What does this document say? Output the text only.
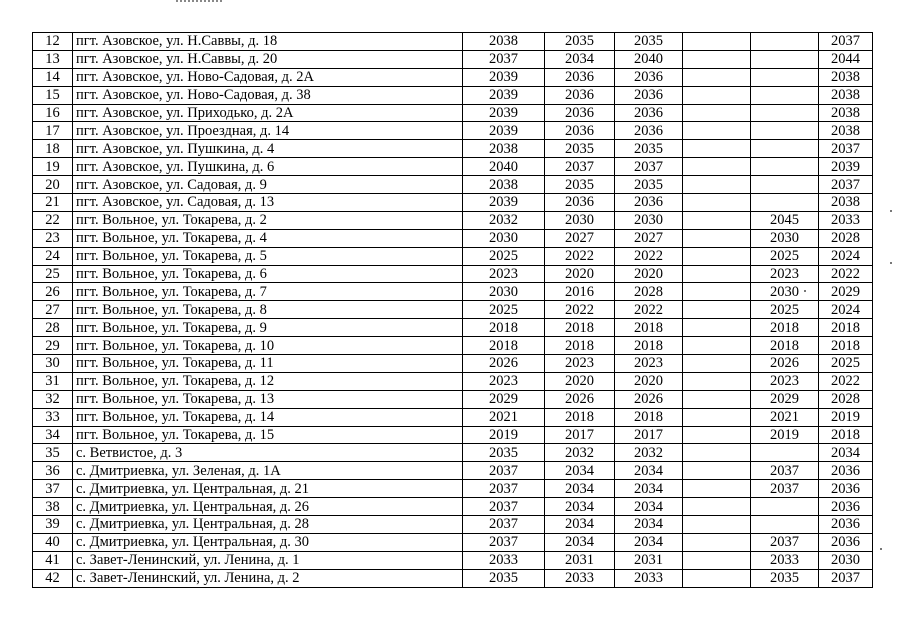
12	пгт. Азовское, ул. Н.Саввы, д. 18	2038	2035	2035			2037
13	пгт. Азовское, ул. Н.Саввы, д. 20	2037	2034	2040			2044
14	пгт. Азовское, ул. Ново-Садовая, д. 2А	2039	2036	2036			2038
15	пгт. Азовское, ул. Ново-Садовая, д. 38	2039	2036	2036			2038
16	пгт. Азовское, ул. Приходько, д. 2А	2039	2036	2036			2038
17	пгт. Азовское, ул. Проездная, д. 14	2039	2036	2036			2038
18	пгт. Азовское, ул. Пушкина, д. 4	2038	2035	2035			2037
19	пгт. Азовское, ул. Пушкина, д. 6	2040	2037	2037			2039
20	пгт. Азовское, ул. Садовая, д. 9	2038	2035	2035			2037
21	пгт. Азовское, ул. Садовая, д. 13	2039	2036	2036			2038
22	пгт. Вольное, ул. Токарева, д. 2	2032	2030	2030		2045	2033
23	пгт. Вольное, ул. Токарева, д. 4	2030	2027	2027		2030	2028
24	пгт. Вольное, ул. Токарева, д. 5	2025	2022	2022		2025	2024
25	пгт. Вольное, ул. Токарева, д. 6	2023	2020	2020		2023	2022
26	пгт. Вольное, ул. Токарева, д. 7	2030	2016	2028		2030	2029
27	пгт. Вольное, ул. Токарева, д. 8	2025	2022	2022		2025	2024
28	пгт. Вольное, ул. Токарева, д. 9	2018	2018	2018		2018	2018
29	пгт. Вольное, ул. Токарева, д. 10	2018	2018	2018		2018	2018
30	пгт. Вольное, ул. Токарева, д. 11	2026	2023	2023		2026	2025
31	пгт. Вольное, ул. Токарева, д. 12	2023	2020	2020		2023	2022
32	пгт. Вольное, ул. Токарева, д. 13	2029	2026	2026		2029	2028
33	пгт. Вольное, ул. Токарева, д. 14	2021	2018	2018		2021	2019
34	пгт. Вольное, ул. Токарева, д. 15	2019	2017	2017		2019	2018
35	с. Ветвистое, д. 3	2035	2032	2032			2034
36	с. Дмитриевка, ул. Зеленая, д. 1А	2037	2034	2034		2037	2036
37	с. Дмитриевка, ул. Центральная, д. 21	2037	2034	2034		2037	2036
38	с. Дмитриевка, ул. Центральная, д. 26	2037	2034	2034			2036
39	с. Дмитриевка, ул. Центральная, д. 28	2037	2034	2034			2036
40	с. Дмитриевка, ул. Центральная, д. 30	2037	2034	2034		2037	2036
41	с. Завет-Ленинский, ул. Ленина, д. 1	2033	2031	2031		2033	2030
42	с. Завет-Ленинский, ул. Ленина, д. 2	2035	2033	2033		2035	2037
